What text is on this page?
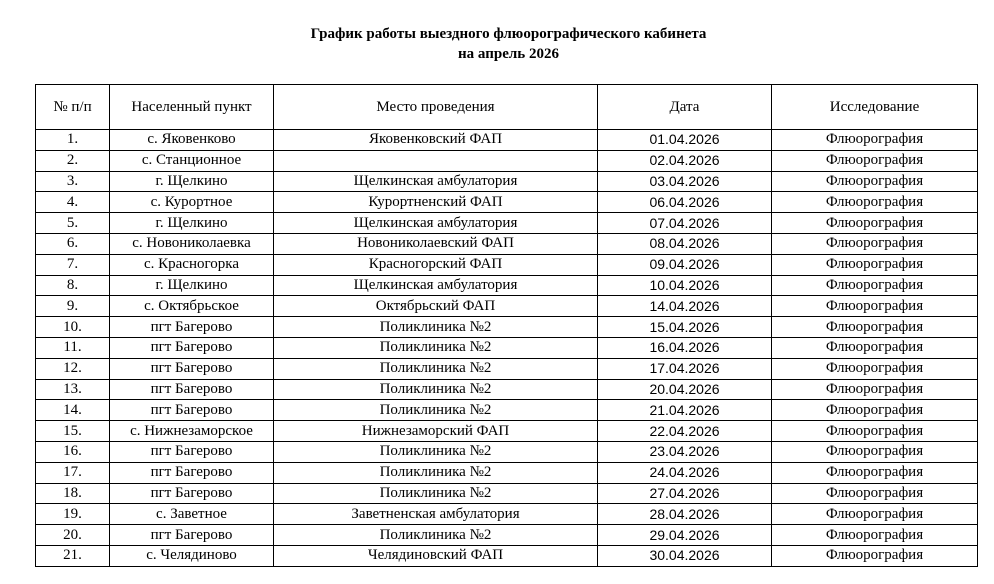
График работы выездного флюорографического кабинета
на апрель 2026
№ п/п	Населенный пункт	Место проведения	Дата	Исследование
1.	с. Яковенково	Яковенковский ФАП	01.04.2026	Флюорография
2.	с. Станционное		02.04.2026	Флюорография
3.	г. Щелкино	Щелкинская амбулатория	03.04.2026	Флюорография
4.	с. Курортное	Курортненский ФАП	06.04.2026	Флюорография
5.	г. Щелкино	Щелкинская амбулатория	07.04.2026	Флюорография
6.	с. Новониколаевка	Новониколаевский ФАП	08.04.2026	Флюорография
7.	с. Красногорка	Красногорский ФАП	09.04.2026	Флюорография
8.	г. Щелкино	Щелкинская амбулатория	10.04.2026	Флюорография
9.	с. Октябрьское	Октябрьский ФАП	14.04.2026	Флюорография
10.	пгт Багерово	Поликлиника №2	15.04.2026	Флюорография
11.	пгт Багерово	Поликлиника №2	16.04.2026	Флюорография
12.	пгт Багерово	Поликлиника №2	17.04.2026	Флюорография
13.	пгт Багерово	Поликлиника №2	20.04.2026	Флюорография
14.	пгт Багерово	Поликлиника №2	21.04.2026	Флюорография
15.	с. Нижнезаморское	Нижнезаморский ФАП	22.04.2026	Флюорография
16.	пгт Багерово	Поликлиника №2	23.04.2026	Флюорография
17.	пгт Багерово	Поликлиника №2	24.04.2026	Флюорография
18.	пгт Багерово	Поликлиника №2	27.04.2026	Флюорография
19.	с. Заветное	Заветненская амбулатория	28.04.2026	Флюорография
20.	пгт Багерово	Поликлиника №2	29.04.2026	Флюорография
21.	с. Челядиново	Челядиновский ФАП	30.04.2026	Флюорография
